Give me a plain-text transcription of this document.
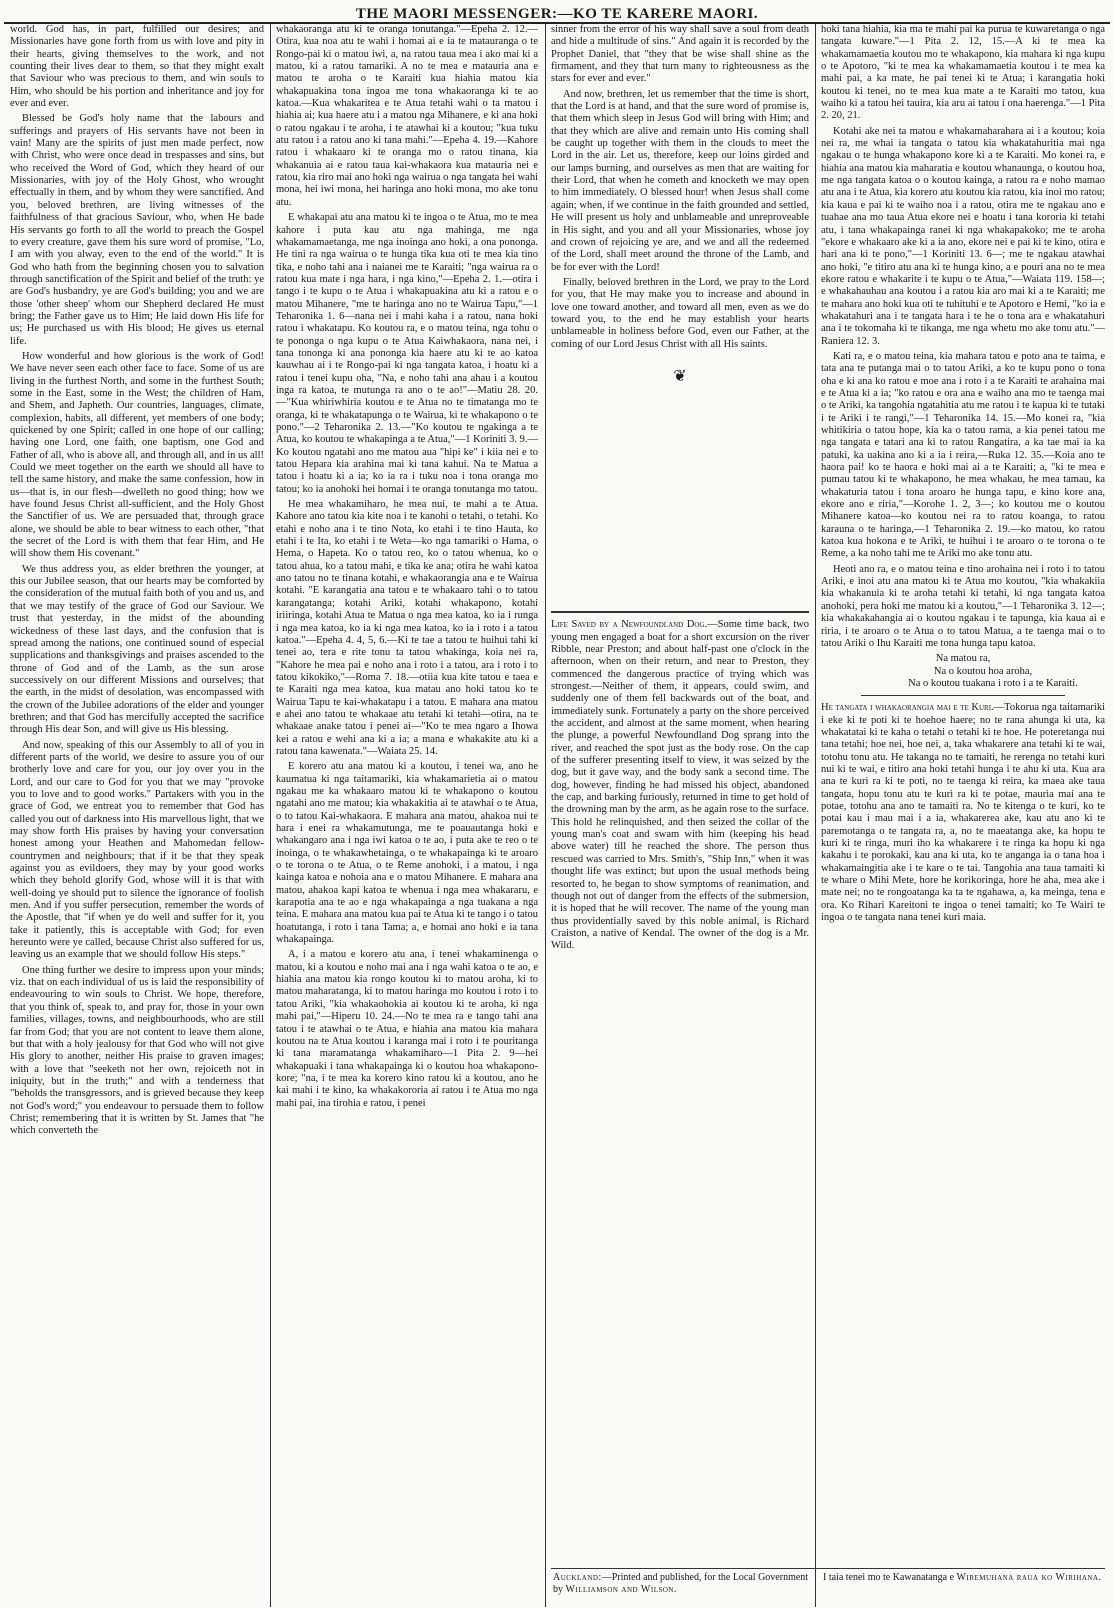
THE MAORI MESSENGER:—KO TE KARERE MAORI.

world. God has, in part, fulfilled our desires; and Missionaries have gone forth from us with love and pity in their hearts, giving themselves to the work, and not counting their lives dear to them, so that they might exalt that Saviour who was precious to them, and win souls to Him, who should be his portion and inheritance and joy for ever and ever.

Blessed be God's holy name that the labours and sufferings and prayers of His servants have not been in vain! Many are the spirits of just men made perfect, now with Christ, who were once dead in trespasses and sins, but who received the Word of God, which they heard of our Missionaries, with joy of the Holy Ghost, who wrought effectually in them, and by whom they were sanctified. And you, beloved brethren, are living witnesses of the faithfulness of that gracious Saviour, who, when He bade His servants go forth to all the world to preach the Gospel to every creature, gave them his sure word of promise, "Lo, I am with you alway, even to the end of the world." It is God who hath from the beginning chosen you to salvation through sanctification of the Spirit and belief of the truth: ye are God's husbandry, ye are God's building; you and we are those 'other sheep' whom our Shepherd declared He must bring; the Father gave us to Him; He laid down His life for us; He purchased us with His blood; He gives us eternal life.

How wonderful and how glorious is the work of God! We have never seen each other face to face. Some of us are living in the furthest North, and some in the furthest South; some in the East, some in the West; the children of Ham, and Shem, and Japheth. Our countries, languages, climate, complexion, habits, all different, yet members of one body; quickened by one Spirit; called in one hope of our calling; having one Lord, one faith, one baptism, one God and Father of all, who is above all, and through all, and in us all! Could we meet together on the earth we should all have to tell the same history, and make the same confession, how in us—that is, in our flesh—dwelleth no good thing; how we have found Jesus Christ all-sufficient, and the Holy Ghost the Sanctifier of us. We are persuaded that, through grace alone, we should be able to bear witness to each other, "that the secret of the Lord is with them that fear Him, and He will show them His covenant."

We thus address you, as elder brethren the younger, at this our Jubilee season, that our hearts may be comforted by the consideration of the mutual faith both of you and us, and that we may testify of the grace of God our Saviour. We trust that yesterday, in the midst of the abounding wickedness of these last days, and the confusion that is spread among the nations, one continued sound of especial supplications and thanksgivings and praises ascended to the throne of God and of the Lamb, as the sun arose successively on our different Missions and ourselves; that the earth, in the midst of desolation, was encompassed with the crown of the Jubilee adorations of the elder and younger brethren; and that God has mercifully accepted the sacrifice through His dear Son, and will give us His blessing.

And now, speaking of this our Assembly to all of you in different parts of the world, we desire to assure you of our brotherly love and care for you, our joy over you in the Lord, and our care to God for you that we may "provoke you to love and to good works." Partakers with you in the grace of God, we entreat you to remember that God has called you out of darkness into His marvellous light, that we may show forth His praises by having your conversation honest among your Heathen and Mahomedan fellow-countrymen and neighbours; that if it be that they speak against you as evildoers, they may by your good works which they behold glorify God, whose will it is that with well-doing ye should put to silence the ignorance of foolish men. And if you suffer persecution, remember the words of the Apostle, that "if when ye do well and suffer for it, you take it patiently, this is acceptable with God; for even hereunto were ye called, because Christ also suffered for us, leaving us an example that we should follow His steps."

One thing further we desire to impress upon your minds; viz. that on each individual of us is laid the responsibility of endeavouring to win souls to Christ. We hope, therefore, that you think of, speak to, and pray for, those in your own families, villages, towns, and neighbourhoods, who are still far from God; that you are not content to leave them alone, but that with a holy jealousy for that God who will not give His glory to another, neither His praise to graven images; with a love that "seeketh not her own, rejoiceth not in iniquity, but in the truth;" and with a tenderness that "beholds the transgressors, and is grieved because they keep not God's word;" you endeavour to persuade them to follow Christ; remembering that it is written by St. James that "he which converteth the

whakaoranga atu ki te oranga tonutanga."—Epeha 2. 12.—Otira, kua noa atu te wahi i homai ai e ia te matauranga o te Rongo-pai ki o matou iwi, a, na ratou taua mea i ako mai ki a matou, ki a ratou tamariki. A no te mea e matauria ana e matou te aroha o te Karaiti kua hiahia matou kia whakapuakina tona ingoa me tona whakaoranga ki te ao katoa.—Kua whakaritea e te Atua tetahi wahi o ta matou i hiahia ai; kua haere atu i a matou nga Mihanere, e ki ana hoki o ratou ngakau i te aroha, i te atawhai ki a koutou; "kua tuku atu ratou i a ratou ano ki tana mahi."—Epeha 4. 19.—Kahore ratou i whakaaro ki te oranga mo o ratou tinana, kia whakanuia ai e ratou taua kai-whakaora kua matauria nei e ratou, kia riro mai ano hoki nga wairua o nga tangata hei wahi mona, hei iwi mona, hei haringa ano hoki mona, mo ake tonu atu.

E whakapai atu ana matou ki te ingoa o te Atua, mo te mea kahore i puta kau atu nga mahinga, me nga whakamamaetanga, me nga inoinga ano hoki, a ona pononga. He tini ra nga wairua o te hunga tika kua oti te mea kia tino tika, e noho tahi ana i naianei me te Karaiti; "nga wairua ra o ratou kua mate i nga hara, i nga kino,"—Epeha 2. 1.—otira i tango i te kupu o te Atua i whakapuakina atu ki a ratou e o matou Mihanere, "me te haringa ano no te Wairua Tapu,"—1 Teharonika 1. 6—nana nei i mahi kaha i a ratou, nana hoki ratou i whakatapu. Ko koutou ra, e o matou teina, nga tohu o te pononga o nga kupu o te Atua Kaiwhakaora, nana nei, i tana tononga ki ana pononga kia haere atu ki te ao katoa kauwhau ai i te Rongo-pai ki nga tangata katoa, i hoatu ki a ratou i tenei kupu oha, "Na, e noho tahi ana ahau i a koutou inga ra katoa, te mutunga ra ano o te ao!"—Matiu 28. 20.—"Kua whiriwhiria koutou e te Atua no te timatanga mo te oranga, ki te whakatapunga o te Wairua, ki te whakapono o te pono."—2 Teharonika 2. 13.—"Ko koutou te ngakinga a te Atua, ko koutou te whakapinga a te Atua,"—1 Koriniti 3. 9.—Ko koutou ngatahi ano me matou aua "hipi ke" i kiia nei e to tatou Hepara kia arahina mai ki tana kahui. Na te Matua a tatou i hoatu ki a ia; ko ia ra i tuku noa i tona oranga mo tatou; ko ia anohoki hei homai i te oranga tonutanga mo tatou.

He mea whakamiharo, he mea nui, te mahi a te Atua. Kahore ano tatou kia kite noa i te kanohi o tetahi, o tetahi. Ko etahi e noho ana i te tino Nota, ko etahi i te tino Hauta, ko etahi i te Ita, ko etahi i te Weta—ko nga tamariki o Hama, o Hema, o Hapeta. Ko o tatou reo, ko o tatou whenua, ko o tatou ahua, ko a tatou mahi, e tika ke ana; otira he wahi katoa ano tatou no te tinana kotahi, e whakaorangia ana e te Wairua kotahi. "E karangatia ana tatou e te whakaaro tahi o to tatou karangatanga; kotahi Ariki, kotahi whakapono, kotahi iriiringa, kotahi Atua te Matua o nga mea katoa, ko ia i runga i nga mea katoa, ko ia ki nga mea katoa, ko ia i roto i a tatou katoa."—Epeha 4. 4, 5, 6.—Ki te tae a tatou te huihui tahi ki tenei ao, tera e rite tonu ta tatou whakinga, koia nei ra, "Kahore he mea pai e noho ana i roto i a tatou, ara i roto i to tatou kikokiko,"—Roma 7. 18.—otiia kua kite tatou e taea e te Karaiti nga mea katoa, kua matau ano hoki tatou ko te Wairua Tapu te kai-whakatapu i a tatou. E mahara ana matou e ahei ano tatou te whakaae atu tetahi ki tetahi—otira, na te whakaae anake tatou i penei ai—"Ko te mea ngaro a Ihowa kei a ratou e wehi ana ki a ia; a mana e whakakite atu ki a ratou tana kawenata."—Waiata 25. 14.

E korero atu ana matou ki a koutou, i tenei wa, ano he kaumatua ki nga taitamariki, kia whakamarietia ai o matou ngakau me ka whakaaro matou ki te whakapono o koutou ngatahi ano me matou; kia whakakitia ai te atawhai o te Atua, o to tatou Kai-whakaora. E mahara ana matou, ahakoa nui te hara i enei ra whakamutunga, me te poauautanga hoki e whakangaro ana i nga iwi katoa o te ao, i puta ake te reo o te inoinga, o te whakawhetainga, o te whakapainga ki te aroaro o te torona o te Atua, o te Reme anohoki, i a matou, i nga kainga katoa e nohoia ana e o matou Mihanere. E mahara ana matou, ahakoa kapi katoa te whenua i nga mea whakararu, e karapotia ana te ao e nga whakapainga a nga tuakana a nga teina. E mahara ana matou kua pai te Atua ki te tango i o tatou hoatutanga, i roto i tana Tama; a, e homai ano hoki e ia tana whakapainga.

A, i a matou e korero atu ana, i tenei whakaminenga o matou, ki a koutou e noho mai ana i nga wahi katoa o te ao, e hiahia ana matou kia rongo koutou ki to matou aroha, ki to matou maharatanga, ki to matou haringa mo koutou i roto i to tatou Ariki, "kia whakaohokia ai koutou ki te aroha, ki nga mahi pai,"—Hiperu 10. 24.—No te mea ra e tango tahi ana tatou i te atawhai o te Atua, e hiahia ana matou kia mahara koutou na te Atua koutou i karanga mai i roto i te pouritanga ki tana maramatanga whakamiharo—1 Pita 2. 9—hei whakapuaki i tana whakapainga ki o koutou hoa whakapono-kore; "na, i te mea ka korero kino ratou ki a koutou, ano he kai mahi i te kino, ka whakakororia ai ratou i te Atua mo nga mahi pai, ina tirohia e ratou, i penei

sinner from the error of his way shall save a soul from death and hide a multitude of sins." And again it is recorded by the Prophet Daniel, that "they that be wise shall shine as the firmament, and they that turn many to righteousness as the stars for ever and ever."

And now, brethren, let us remember that the time is short, that the Lord is at hand, and that the sure word of promise is, that them which sleep in Jesus God will bring with Him; and that they which are alive and remain unto His coming shall be caught up together with them in the clouds to meet the Lord in the air. Let us, therefore, keep our loins girded and our lamps burning, and ourselves as men that are waiting for their Lord, that when he cometh and knocketh we may open to him immediately. O blessed hour! when Jesus shall come again; when, if we continue in the faith grounded and settled, He will present us holy and unblameable and unreproveable in His sight, and you and all your Missionaries, whose joy and crown of rejoicing ye are, and we and all the redeemed of the Lord, shall meet around the throne of the Lamb, and be for ever with the Lord!

Finally, beloved brethren in the Lord, we pray to the Lord for you, that He may make you to increase and abound in love one toward another, and toward all men, even as we do toward you, to the end he may establish your hearts unblameable in holiness before God, even our Father, at the coming of our Lord Jesus Christ with all His saints.

❦

Life Saved by a Newfoundland Dog.—Some time back, two young men engaged a boat for a short excursion on the river Ribble, near Preston; and about half-past one o'clock in the afternoon, when on their return, and near to Preston, they commenced the dangerous practice of trying which was strongest.—Neither of them, it appears, could swim, and suddenly one of them fell backwards out of the boat, and immediately sunk. Fortunately a party on the shore perceived the accident, and almost at the same moment, when hearing the plunge, a powerful Newfoundland Dog sprang into the river, and reached the spot just as the body rose. On the cap of the sufferer presenting itself to view, it was seized by the dog, but it gave way, and the body sank a second time. The dog, however, finding he had missed his object, abandoned the cap, and barking furiously, returned in time to get hold of the drowning man by the arm, as he again rose to the surface. This hold he relinquished, and then seized the collar of the young man's coat and swam with him (keeping his head above water) till he reached the shore. The person thus rescued was carried to Mrs. Smith's, "Ship Inn," when it was thought life was extinct; but upon the usual methods being resorted to, he began to show symptoms of reanimation, and though not out of danger from the effects of the submersion, it is hoped that he will recover. The name of the young man thus providentially saved by this noble animal, is Richard Craiston, a native of Kendal. The owner of the dog is a Mr. Wild.

hoki tana hiahia, kia ma te mahi pai ka purua te kuwaretanga o nga tangata kuware."—1 Pita 2. 12, 15.—A ki te mea ka whakamamaetia koutou mo te whakapono, kia mahara ki nga kupu o te Apotoro, "ki te mea ka whakamamaetia koutou i te mea ka mahi pai, a ka mate, he pai tenei ki te Atua; i karangatia hoki koutou ki tenei, no te mea kua mate a te Karaiti mo tatou, kua waiho ki a tatou hei tauira, kia aru ai tatou i ona haerenga."—1 Pita 2. 20, 21.

Kotahi ake nei ta matou e whakamaharahara ai i a koutou; koia nei ra, me whai ia tangata o tatou kia whakatahuritia mai nga ngakau o te hunga whakapono kore ki a te Karaiti. Mo konei ra, e hiahia ana matou kia maharatia e koutou whanaunga, o koutou hoa, me nga tangata katoa o o koutou kainga, a ratou ra e noho mamao atu ana i te Atua, kia korero atu koutou kia ratou, kia inoi mo ratou; kia kaua e pai ki te waiho noa i a ratou, otira me te ngakau ano e tuahae ana mo taua Atua ekore nei e hoatu i tana kororia ki tetahi atu, i tana whakapainga ranei ki nga whakapakoko; me te aroha "ekore e whakaaro ake ki a ia ano, ekore nei e pai ki te kino, otira e hari ana ki te pono,"—1 Koriniti 13. 6—; me te ngakau atawhai ano hoki, "e titiro atu ana ki te hunga kino, a e pouri ana no te mea ekore ratou e whakarite i te kupu o te Atua,"—Waiata 119. 158—; e whakahauhau ana koutou i a ratou kia aro mai ki a te Karaiti; me te mahara ano hoki kua oti te tuhituhi e te Apotoro e Hemi, "ko ia e whakatahuri ana i te tangata hara i te he o tona ara e whakatahuri ana i te tokomaha ki te tikanga, me nga whetu mo ake tonu atu."—Raniera 12. 3.

Kati ra, e o matou teina, kia mahara tatou e poto ana te taima, e tata ana te putanga mai o to tatou Ariki, a ko te kupu pono o tona oha e ki ana ko ratou e moe ana i roto i a te Karaiti te arahaina mai e te Atua ki a ia; "ko ratou e ora ana e waiho ana mo te taenga mai o te Ariki, ka tangohia ngatahitia atu me ratou i te kapua ki te tutaki i te Ariki i te rangi,"—1 Teharonika 14. 15.—Mo konei ra, "kia whitikiria o tatou hope, kia ka o tatou rama, a kia penei tatou me nga tangata e tatari ana ki to ratou Rangatira, a ka tae mai ia ka patuki, ka uakina ano ki a ia i reira,—Ruka 12. 35.—Koia ano te haora pai! ko te haora e hoki mai ai a te Karaiti; a, "ki te mea e pumau tatou ki te whakapono, he mea whakau, he mea tamau, ka whakaturia tatou i tona aroaro he hunga tapu, e kino kore ana, ekore ano e riria,"—Korohe 1. 2, 3—; ko koutou me o koutou Mihanere katoa—ko koutou nei ra to ratou koanga, to ratou karauna o te haringa,—1 Teharonika 2. 19.—ko matou, ko ratou katoa kua hokona e te Ariki, te huihui i te aroaro o te torona o te Reme, a ka noho tahi me te Ariki mo ake tonu atu.

Heoti ano ra, e o matou teina e tino arohaina nei i roto i to tatou Ariki, e inoi atu ana matou ki te Atua mo koutou, "kia whakakiia kia whakanuia ki te aroha tetahi ki tetahi, ki nga tangata katoa anohoki, pera hoki me matou ki a koutou,"—1 Teharonika 3. 12—; kia whakakahangia ai o koutou ngakau i te tapunga, kia kaua ai e riria, i te aroaro o te Atua o to tatou Matua, a te taenga mai o to tatou Ariki o Ihu Karaiti me tona hunga tapu katoa.

Na matou ra,

Na o koutou hoa aroha,

Na o koutou tuakana i roto i a te Karaiti.

He tangata i whakaorangia mai e te Kuri.—Tokorua nga taitamariki i eke ki te poti ki te hoehoe haere; no te rana ahunga ki uta, ka whakatatai ki te kaha o tetahi o tetahi ki te hoe. He poteretanga nui tana tetahi; hoe nei, hoe nei, a, taka whakarere ana tetahi ki te wai, totohu tonu atu. He takanga no te tamaiti, he rerenga no tetahi kuri nui ki te wai, e titiro ana hoki tetahi hunga i te ahu ki uta. Kua ara ana te kuri ra ki te poti, no te taenga ki reira, ka maea ake taua tangata, hopu tonu atu te kuri ra ki te potae, mauria mai ana te potae, totohu ana ano te tamaiti ra. No te kitenga o te kuri, ko te potai kau i mau mai i a ia, whakarerea ake, kau atu ano ki te paremotanga o te tangata ra, a, no te maeatanga ake, ka hopu te kuri ki te ringa, muri iho ka whakarere i te ringa ka hopu ki nga kakahu i te porokaki, kau ana ki uta, ko te anganga ia o tana hoa i whakamaingitia ake i te kare o te tai. Tangohia ana taua tamaiti ki te whare o Mihi Mete, hore he korikoringa, hore he aha, mea ake i mate nei; no te rongoatanga ka ta te ngahawa, a, ka meinga, tena e ora. Ko Rihari Kareitoni te ingoa o tenei tamaiti; ko Te Wairi te ingoa o te tangata nana tenei kuri maia.

Auckland:—Printed and published, for the Local Government by Williamson and Wilson.
I taia tenei mo te Kawanatanga e Wiremuhana raua ko Wirihana.
